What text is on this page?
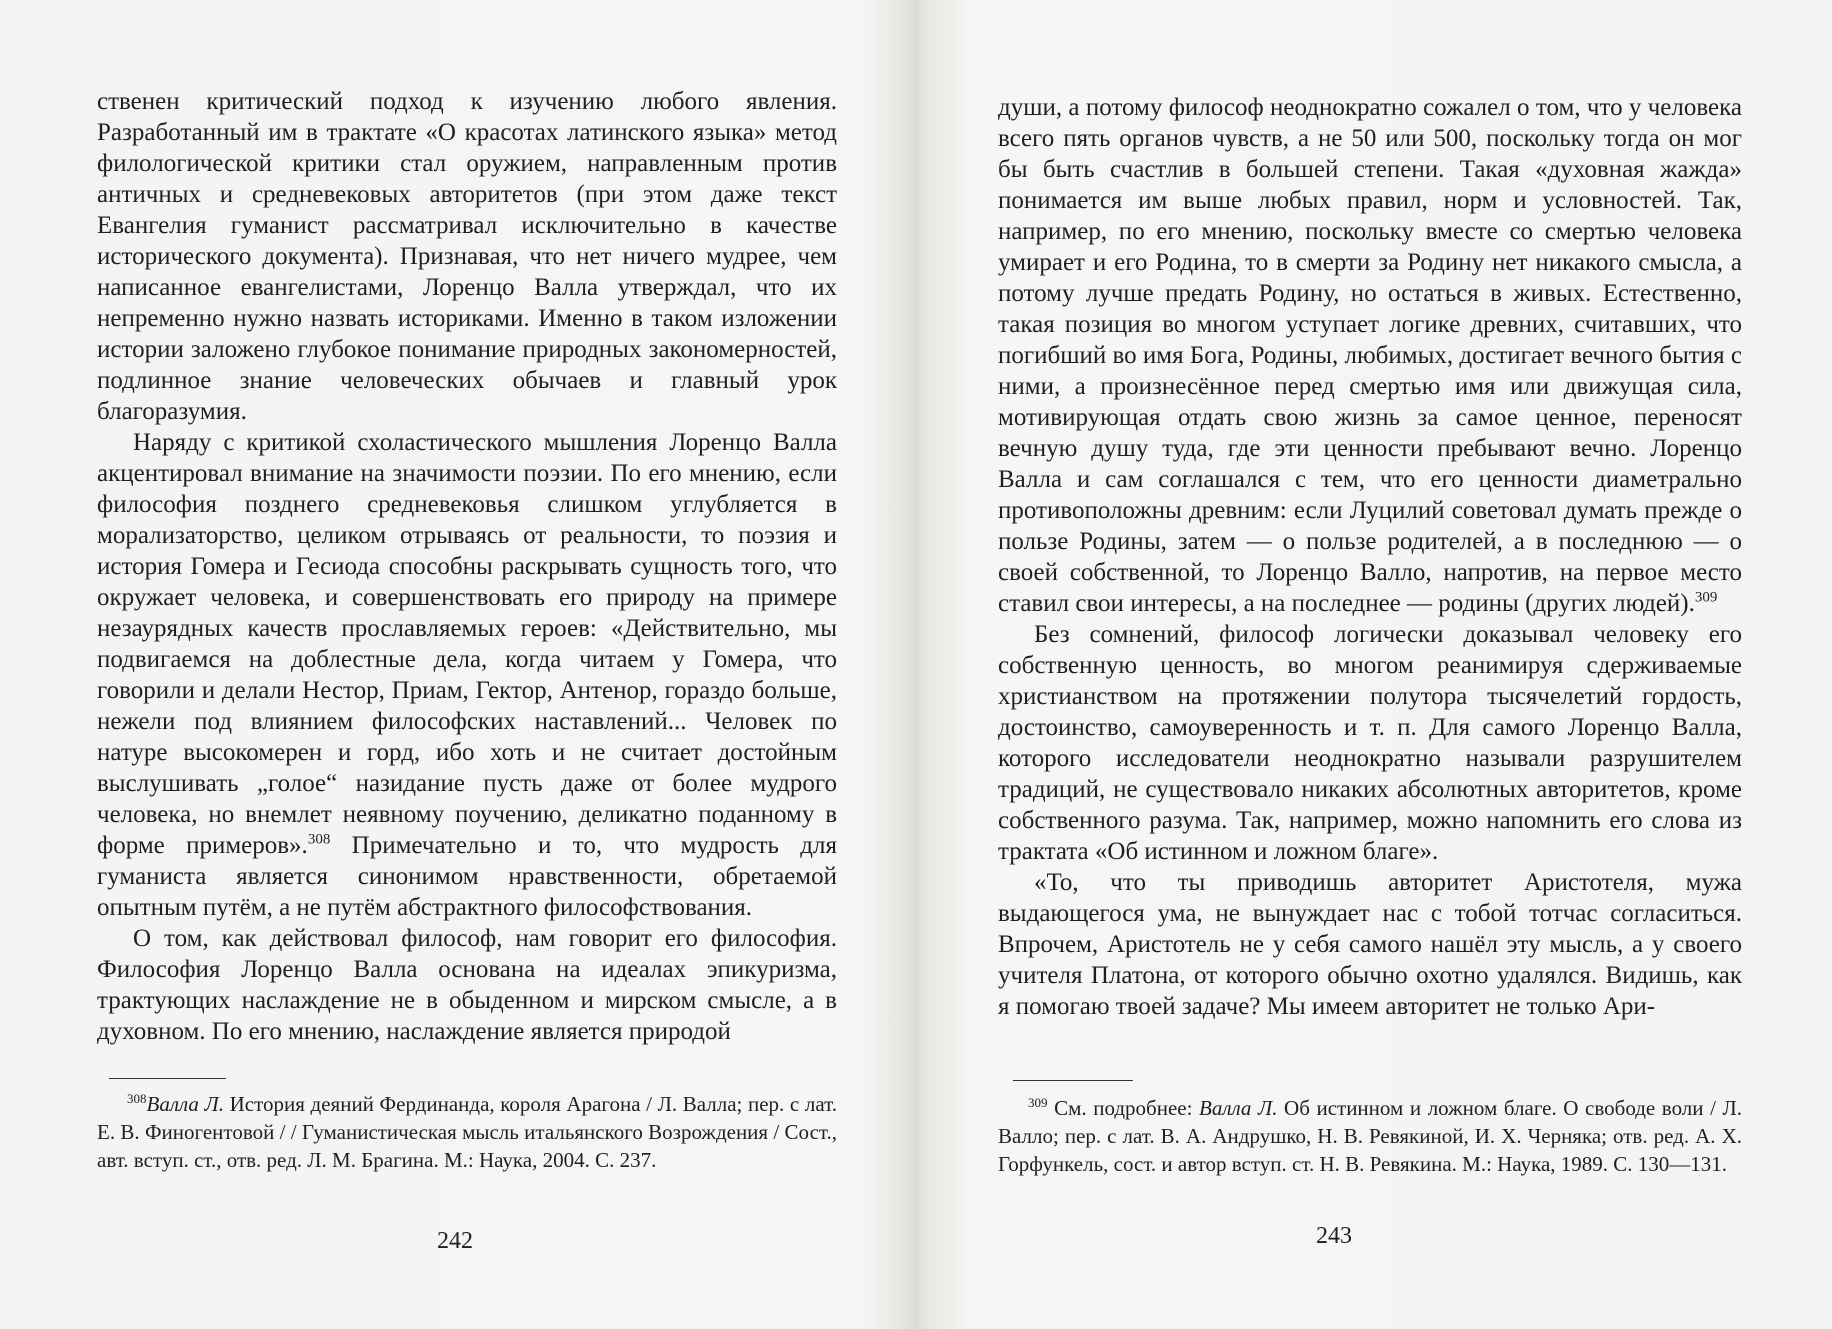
ственен критический подход к изучению любого явления. Разработанный им в трактате «О красотах латинского языка» метод филологической критики стал оружием, направленным против античных и средневековых авторитетов (при этом даже текст Евангелия гуманист рассматривал исключительно в качестве исторического документа). Признавая, что нет ничего мудрее, чем написанное евангелистами, Лоренцо Валла утверждал, что их непременно нужно назвать историками. Именно в таком изложении истории заложено глубокое понимание природных закономерностей, подлинное знание человеческих обычаев и главный урок благоразумия.

Наряду с критикой схоластического мышления Лоренцо Валла акцентировал внимание на значимости поэзии. По его мнению, если философия позднего средневековья слишком углубляется в морализаторство, целиком отрываясь от реальности, то поэзия и история Гомера и Гесиода способны раскрывать сущность того, что окружает человека, и совершенствовать его природу на примере незаурядных качеств прославляемых героев: «Действительно, мы подвигаемся на доблестные дела, когда читаем у Гомера, что говорили и делали Нестор, Приам, Гектор, Антенор, гораздо больше, нежели под влиянием философских наставлений... Человек по натуре высокомерен и горд, ибо хоть и не считает достойным выслушивать „голое“ назидание пусть даже от более мудрого человека, но внемлет неявному поучению, деликатно поданному в форме примеров».$^{308}$ Примечательно и то, что мудрость для гуманиста является синонимом нравственности, обретаемой опытным путём, а не путём абстрактного философствования.

О том, как действовал философ, нам говорит его философия. Философия Лоренцо Валла основана на идеалах эпикуризма, трактующих наслаждение не в обыденном и мирском смысле, а в духовном. По его мнению, наслаждение является природой

$^{308}$Валла Л. История деяний Фердинанда, короля Арагона / Л. Валла; пер. с лат. Е. В. Финогентовой / / Гуманистическая мысль итальянского Возрождения / Сост., авт. вступ. ст., отв. ред. Л. М. Брагина. М.: Наука, 2004. С. 237.

242

души, а потому философ неоднократно сожалел о том, что у человека всего пять органов чувств, а не 50 или 500, поскольку тогда он мог бы быть счастлив в большей степени. Такая «духовная жажда» понимается им выше любых правил, норм и условностей. Так, например, по его мнению, поскольку вместе со смертью человека умирает и его Родина, то в смерти за Родину нет никакого смысла, а потому лучше предать Родину, но остаться в живых. Естественно, такая позиция во многом уступает логике древних, считавших, что погибший во имя Бога, Родины, любимых, достигает вечного бытия с ними, а произнесённое перед смертью имя или движущая сила, мотивирующая отдать свою жизнь за самое ценное, переносят вечную душу туда, где эти ценности пребывают вечно. Лоренцо Валла и сам соглашался с тем, что его ценности диаметрально противоположны древним: если Луцилий советовал думать прежде о пользе Родины, затем — о пользе родителей, а в последнюю — о своей собственной, то Лоренцо Валло, напротив, на первое место ставил свои интересы, а на последнее — родины (других людей).$^{309}$

Без сомнений, философ логически доказывал человеку его собственную ценность, во многом реанимируя сдерживаемые христианством на протяжении полутора тысячелетий гордость, достоинство, самоуверенность и т. п. Для самого Лоренцо Валла, которого исследователи неоднократно называли разрушителем традиций, не существовало никаких абсолютных авторитетов, кроме собственного разума. Так, например, можно напомнить его слова из трактата «Об истинном и ложном благе».

«То, что ты приводишь авторитет Аристотеля, мужа выдающегося ума, не вынуждает нас с тобой тотчас согласиться. Впрочем, Аристотель не у себя самого нашёл эту мысль, а у своего учителя Платона, от которого обычно охотно удалялся. Видишь, как я помогаю твоей задаче? Мы имеем авторитет не только Ари-

$^{309}$ См. подробнее: Валла Л. Об истинном и ложном благе. О свободе воли / Л. Валло; пер. с лат. В. А. Андрушко, Н. В. Ревякиной, И. Х. Черняка; отв. ред. А. Х. Горфункель, сост. и автор вступ. ст. Н. В. Ревякина. М.: Наука, 1989. С. 130—131.

243
